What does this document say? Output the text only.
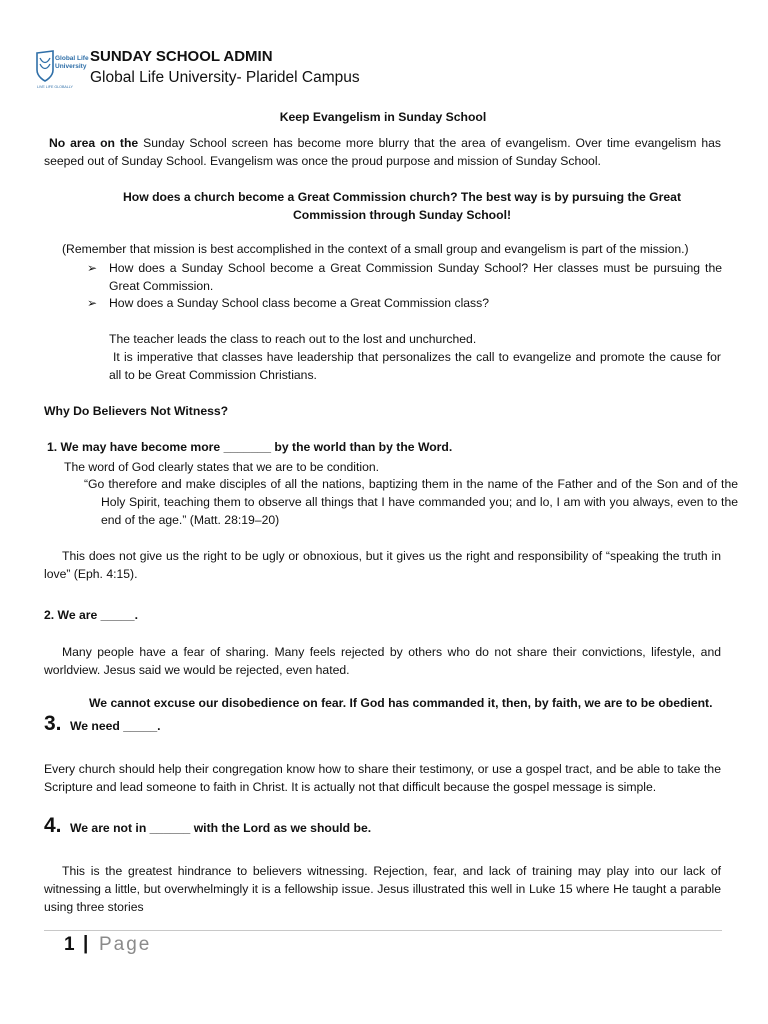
Global Life
University
LIVE LIFE GLOBALLY
SUNDAY SCHOOL ADMIN
Global Life University- Plaridel Campus
Keep Evangelism in Sunday School
No area on the Sunday School screen has become more blurry that the area of evangelism. Over time evangelism has seeped out of Sunday School. Evangelism was once the proud purpose and mission of Sunday School.
How does a church become a Great Commission church? The best way is by pursuing the Great Commission through Sunday School!
(Remember that mission is best accomplished in the context of a small group and evangelism is part of the mission.)
➢ How does a Sunday School become a Great Commission Sunday School? Her classes must be pursuing the Great Commission.
➢ How does a Sunday School class become a Great Commission class?
The teacher leads the class to reach out to the lost and unchurched.
It is imperative that classes have leadership that personalizes the call to evangelize and promote the cause for all to be Great Commission Christians.
Why Do Believers Not Witness?
1. We may have become more _______ by the world than by the Word.
The word of God clearly states that we are to be condition.
“Go therefore and make disciples of all the nations, baptizing them in the name of the Father and of the Son and of the Holy Spirit, teaching them to observe all things that I have commanded you; and lo, I am with you always, even to the end of the age.” (Matt. 28:19–20)
This does not give us the right to be ugly or obnoxious, but it gives us the right and responsibility of “speaking the truth in love” (Eph. 4:15).
2. We are _____.
Many people have a fear of sharing. Many feels rejected by others who do not share their convictions, lifestyle, and worldview. Jesus said we would be rejected, even hated.
We cannot excuse our disobedience on fear. If God has commanded it, then, by faith, we are to be obedient.
3. We need _____.
Every church should help their congregation know how to share their testimony, or use a gospel tract, and be able to take the Scripture and lead someone to faith in Christ. It is actually not that difficult because the gospel message is simple.
4. We are not in ______ with the Lord as we should be.
This is the greatest hindrance to believers witnessing. Rejection, fear, and lack of training may play into our lack of witnessing a little, but overwhelmingly it is a fellowship issue. Jesus illustrated this well in Luke 15 where He taught a parable using three stories
1 | Page
